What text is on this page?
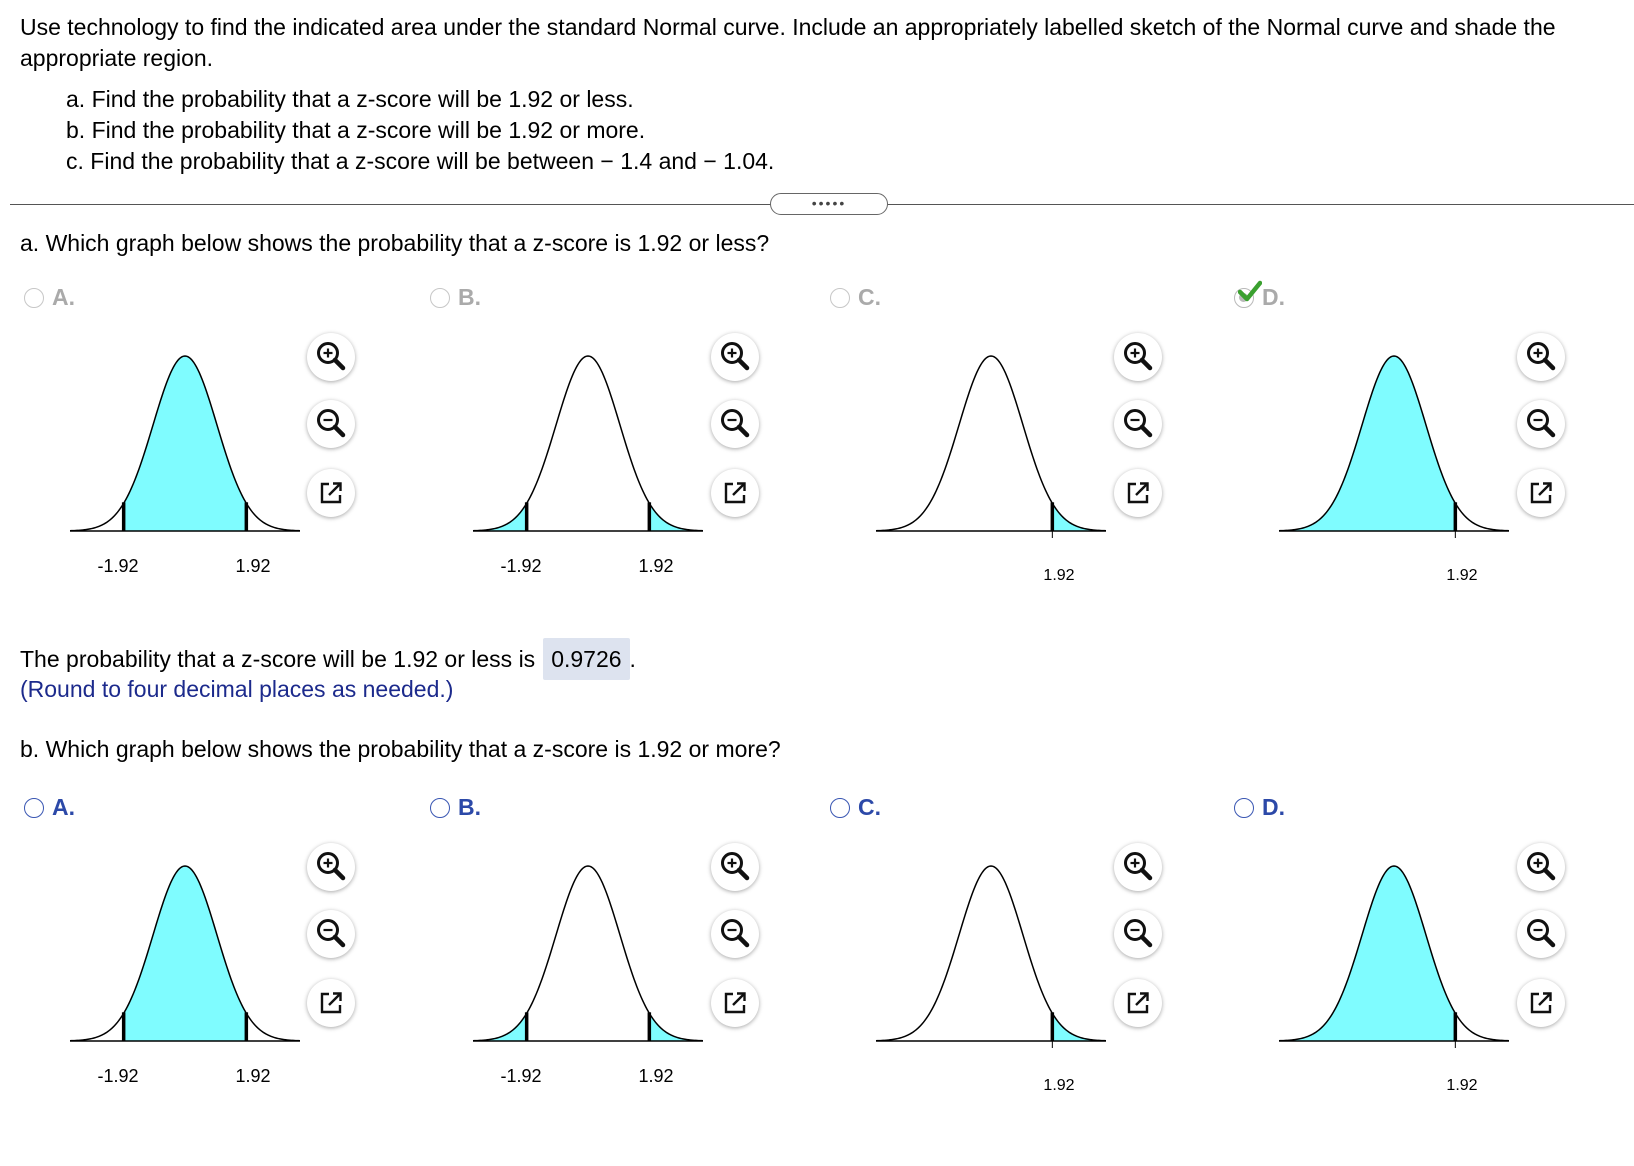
Use technology to find the indicated area under the standard Normal curve. Include an appropriately labelled sketch of the Normal curve and shade the appropriate region.

a. Find the probability that a z-score will be 1.92 or less.
b. Find the probability that a z-score will be 1.92 or more.
c. Find the probability that a z-score will be between − 1.4 and − 1.04.
•••••
a. Which graph below shows the probability that a z-score is 1.92 or less?
A.	B.	C.	D.
-1.92	1.92	-1.92	1.92	1.92	1.92
The probability that a z-score will be 1.92 or less is 0.9726 .
(Round to four decimal places as needed.)
b. Which graph below shows the probability that a z-score is 1.92 or more?
A.	B.	C.	D.
-1.92	1.92	-1.92	1.92	1.92	1.92
